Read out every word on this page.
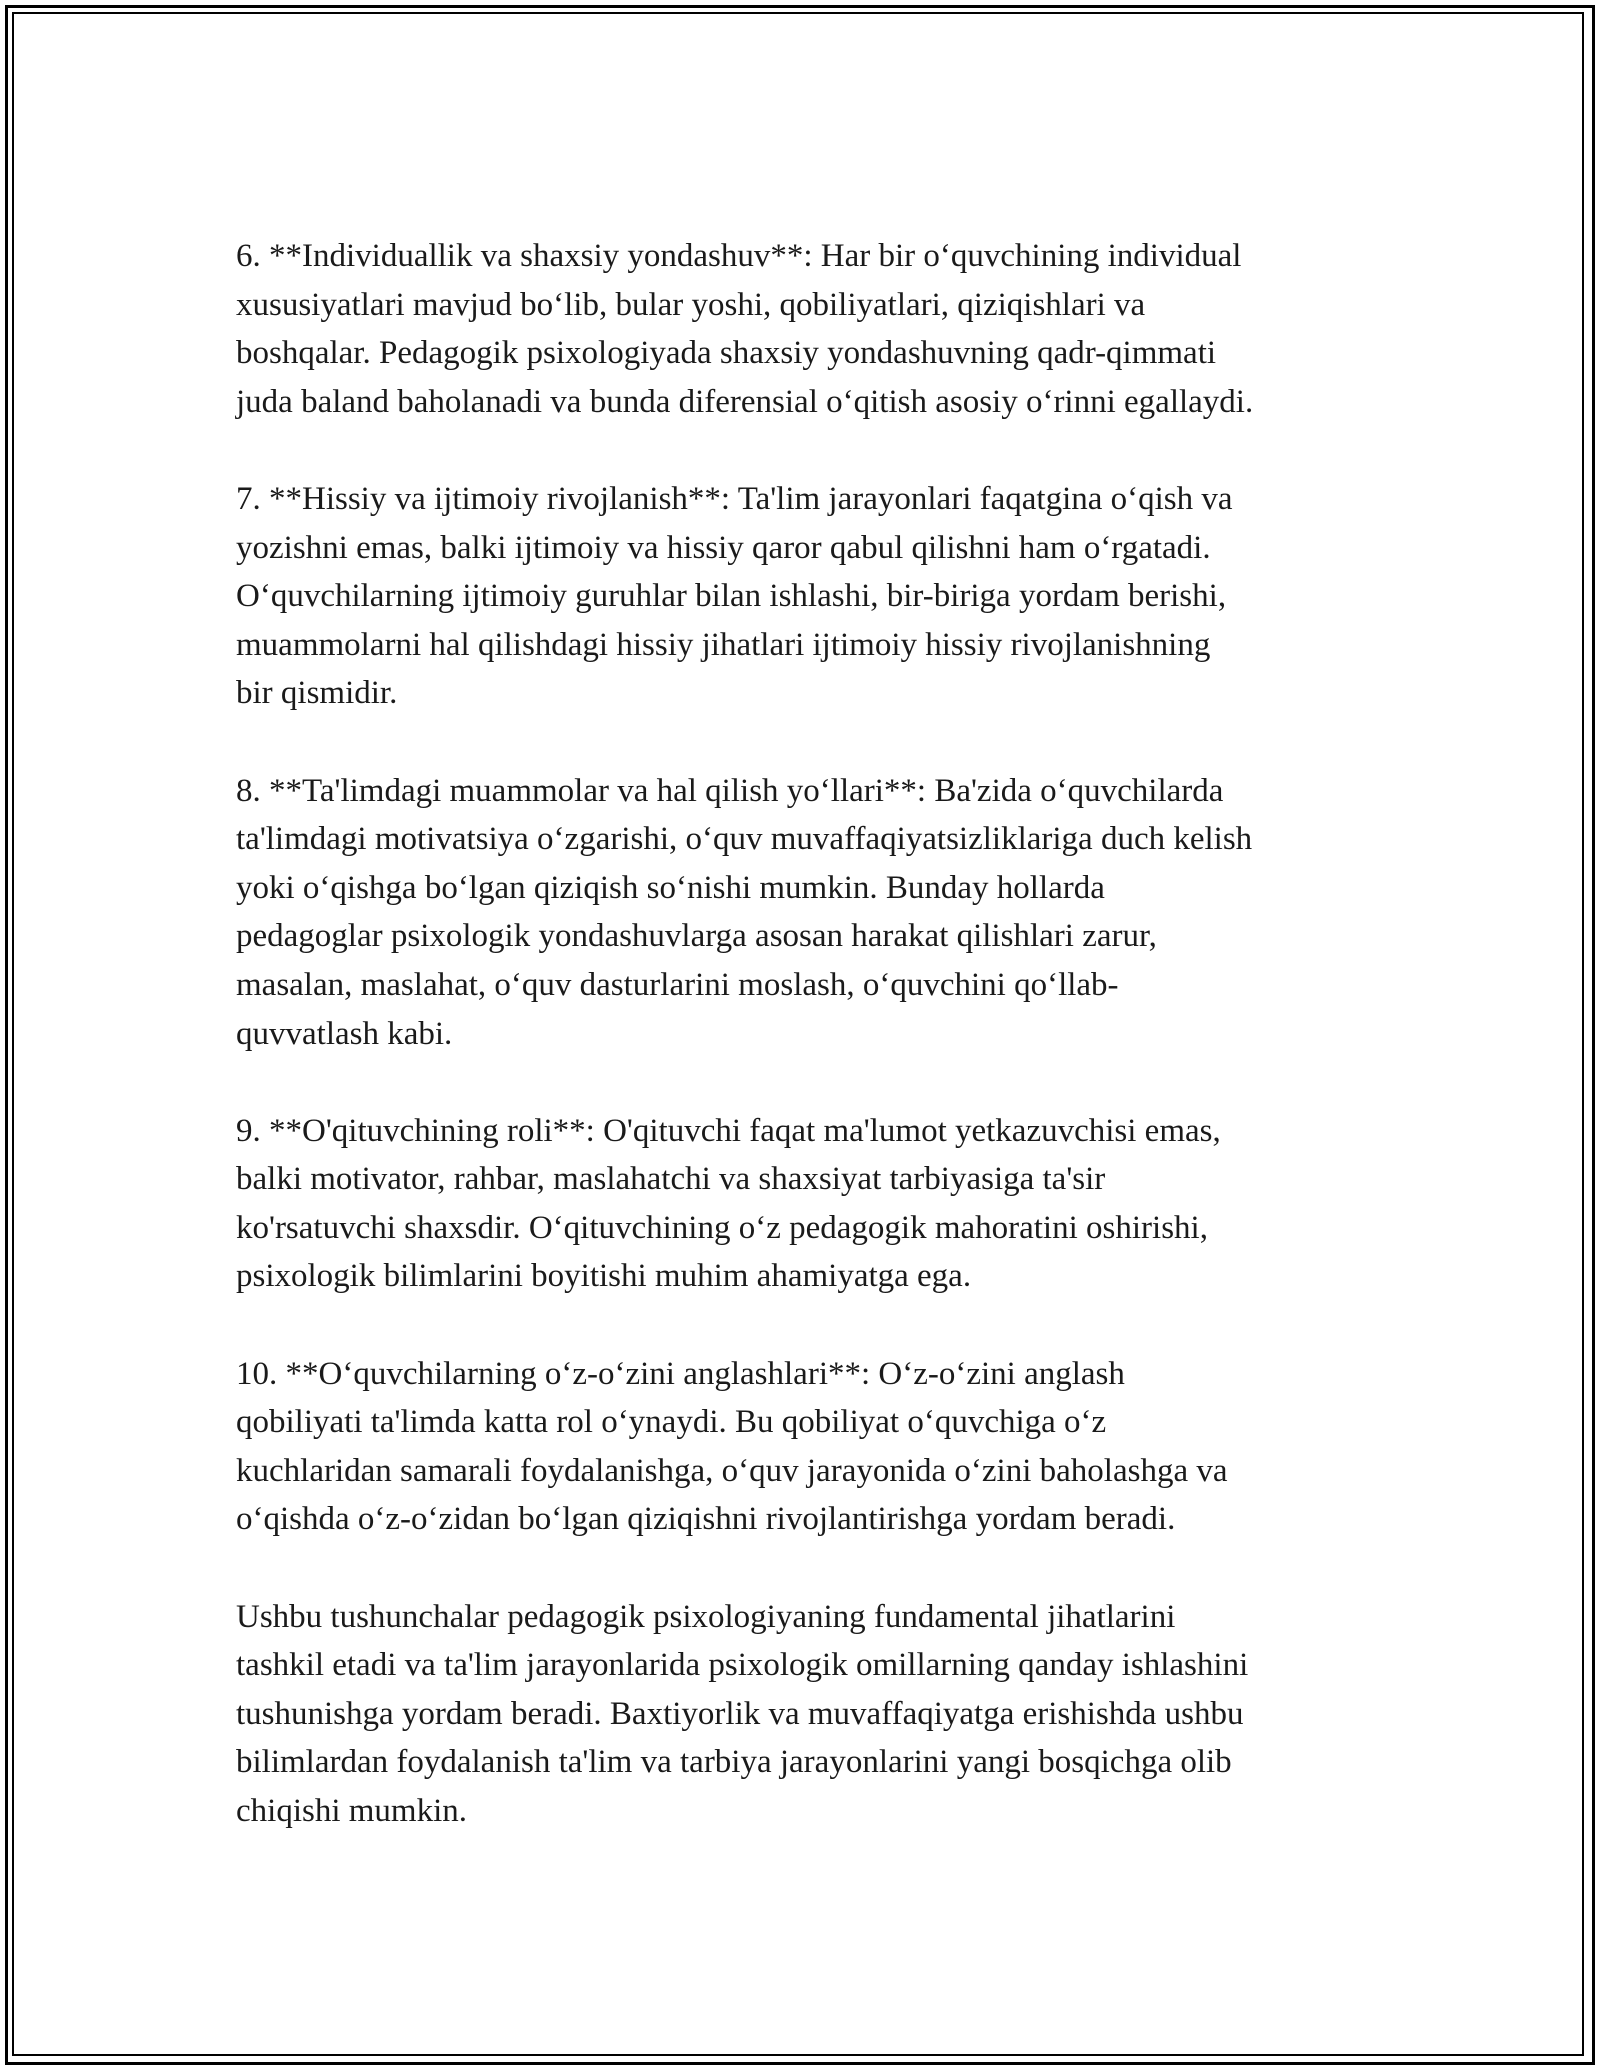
6. **Individuallik va shaxsiy yondashuv**: Har bir o‘quvchining individual
xususiyatlari mavjud bo‘lib, bular yoshi, qobiliyatlari, qiziqishlari va
boshqalar. Pedagogik psixologiyada shaxsiy yondashuvning qadr-qimmati
juda baland baholanadi va bunda diferensial o‘qitish asosiy o‘rinni egallaydi.

7. **Hissiy va ijtimoiy rivojlanish**: Ta'lim jarayonlari faqatgina o‘qish va
yozishni emas, balki ijtimoiy va hissiy qaror qabul qilishni ham o‘rgatadi.
O‘quvchilarning ijtimoiy guruhlar bilan ishlashi, bir-biriga yordam berishi,
muammolarni hal qilishdagi hissiy jihatlari ijtimoiy hissiy rivojlanishning
bir qismidir.

8. **Ta'limdagi muammolar va hal qilish yo‘llari**: Ba'zida o‘quvchilarda
ta'limdagi motivatsiya o‘zgarishi, o‘quv muvaffaqiyatsizliklariga duch kelish
yoki o‘qishga bo‘lgan qiziqish so‘nishi mumkin. Bunday hollarda
pedagoglar psixologik yondashuvlarga asosan harakat qilishlari zarur,
masalan, maslahat, o‘quv dasturlarini moslash, o‘quvchini qo‘llab-
quvvatlash kabi.

9. **O'qituvchining roli**: O'qituvchi faqat ma'lumot yetkazuvchisi emas,
balki motivator, rahbar, maslahatchi va shaxsiyat tarbiyasiga ta'sir
ko'rsatuvchi shaxsdir. O‘qituvchining o‘z pedagogik mahoratini oshirishi,
psixologik bilimlarini boyitishi muhim ahamiyatga ega.

10. **O‘quvchilarning o‘z-o‘zini anglashlari**: O‘z-o‘zini anglash
qobiliyati ta'limda katta rol o‘ynaydi. Bu qobiliyat o‘quvchiga o‘z
kuchlaridan samarali foydalanishga, o‘quv jarayonida o‘zini baholashga va
o‘qishda o‘z-o‘zidan bo‘lgan qiziqishni rivojlantirishga yordam beradi.

Ushbu tushunchalar pedagogik psixologiyaning fundamental jihatlarini
tashkil etadi va ta'lim jarayonlarida psixologik omillarning qanday ishlashini
tushunishga yordam beradi. Baxtiyorlik va muvaffaqiyatga erishishda ushbu
bilimlardan foydalanish ta'lim va tarbiya jarayonlarini yangi bosqichga olib
chiqishi mumkin.
